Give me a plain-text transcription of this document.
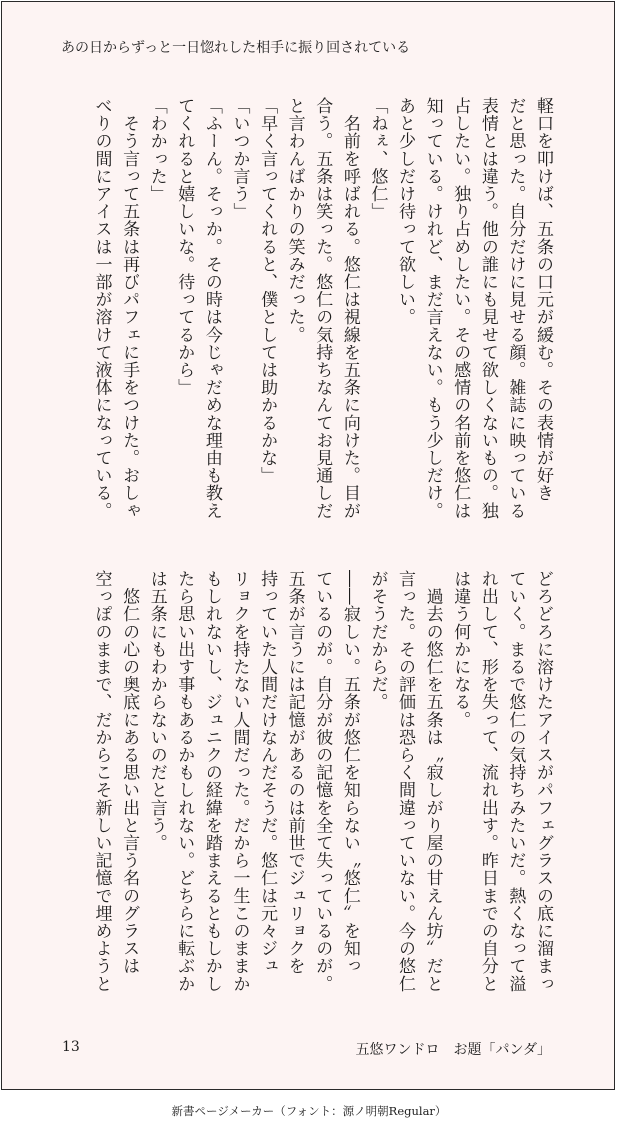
あの日からずっと一日惚れした相手に振り回されている
軽口を叩けば、五条の口元が緩む。その表情が好き
だと思った。自分だけに見せる顔。雑誌に映っている
表情とは違う。他の誰にも見せて欲しくないもの。独
占したい。独り占めしたい。その感情の名前を悠仁は
知っている。けれど、まだ言えない。もう少しだけ。
あと少しだけ待って欲しい。
「ねぇ、悠仁」
　名前を呼ばれる。悠仁は視線を五条に向けた。目が
合う。五条は笑った。悠仁の気持ちなんてお見通しだ
と言わんばかりの笑みだった。
「早く言ってくれると、僕としては助かるかな」
「いつか言う」
「ふーん。そっか。その時は今じゃだめな理由も教え
てくれると嬉しいな。待ってるから」
「わかった」
　そう言って五条は再びパフェに手をつけた。おしゃ
べりの間にアイスは一部が溶けて液体になっている。
どろどろに溶けたアイスがパフェグラスの底に溜まっ
ていく。まるで悠仁の気持ちみたいだ。熱くなって溢
れ出して、形を失って、流れ出す。昨日までの自分と
は違う何かになる。
　過去の悠仁を五条は〝寂しがり屋の甘えん坊〟だと
言った。その評価は恐らく間違っていない。今の悠仁
がそうだからだ。
――寂しい。五条が悠仁を知らない〝悠仁〟を知っ
ているのが。自分が彼の記憶を全て失っているのが。
五条が言うには記憶があるのは前世でジュリョクを
持っていた人間だけなんだそうだ。悠仁は元々ジュ
リョクを持たない人間だった。だから一生このままか
もしれないし、ジュニクの経緯を踏まえるともしかし
たら思い出す事もあるかもしれない。どちらに転ぶか
は五条にもわからないのだと言う。
　悠仁の心の奥底にある思い出と言う名のグラスは
空っぽのままで、だからこそ新しい記憶で埋めようと
13	五悠ワンドロ　お題「パンダ」
新書ページメーカー（フォント：源ノ明朝Regular）
